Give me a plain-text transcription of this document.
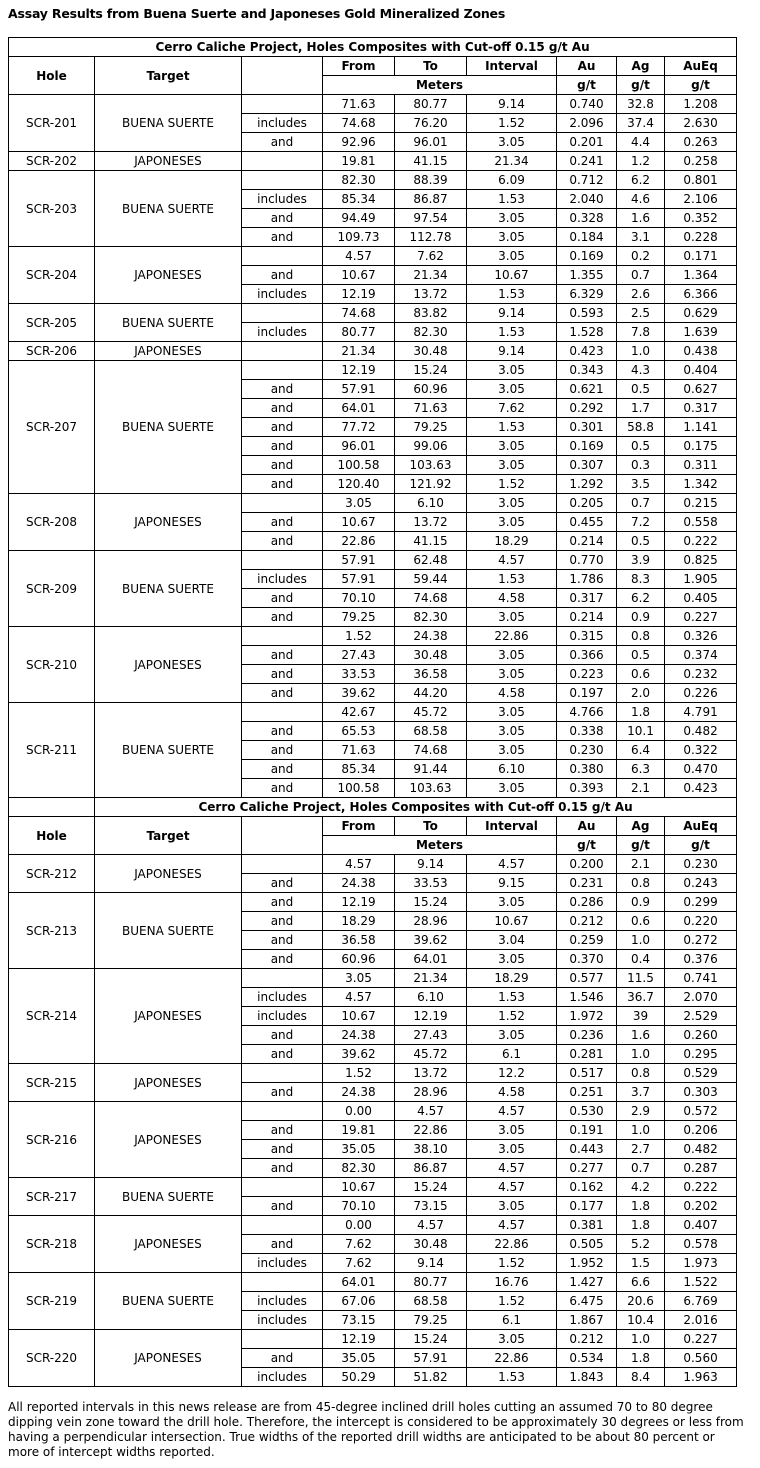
Assay Results from Buena Suerte and Japoneses Gold Mineralized Zones
Cerro Caliche Project, Holes Composites with Cut-off 0.15 g/t Au								
Hole	Target		From	To	Interval	Au	Ag	AuEq
			Meters			g/t	g/t	g/t
SCR-201	BUENA SUERTE		71.63	80.77	9.14	0.740	32.8	1.208
		includes	74.68	76.20	1.52	2.096	37.4	2.630
		and	92.96	96.01	3.05	0.201	4.4	0.263
SCR-202	JAPONESES		19.81	41.15	21.34	0.241	1.2	0.258
SCR-203	BUENA SUERTE		82.30	88.39	6.09	0.712	6.2	0.801
		includes	85.34	86.87	1.53	2.040	4.6	2.106
		and	94.49	97.54	3.05	0.328	1.6	0.352
		and	109.73	112.78	3.05	0.184	3.1	0.228
SCR-204	JAPONESES		4.57	7.62	3.05	0.169	0.2	0.171
		and	10.67	21.34	10.67	1.355	0.7	1.364
		includes	12.19	13.72	1.53	6.329	2.6	6.366
SCR-205	BUENA SUERTE		74.68	83.82	9.14	0.593	2.5	0.629
		includes	80.77	82.30	1.53	1.528	7.8	1.639
SCR-206	JAPONESES		21.34	30.48	9.14	0.423	1.0	0.438
SCR-207	BUENA SUERTE		12.19	15.24	3.05	0.343	4.3	0.404
		and	57.91	60.96	3.05	0.621	0.5	0.627
		and	64.01	71.63	7.62	0.292	1.7	0.317
		and	77.72	79.25	1.53	0.301	58.8	1.141
		and	96.01	99.06	3.05	0.169	0.5	0.175
		and	100.58	103.63	3.05	0.307	0.3	0.311
		and	120.40	121.92	1.52	1.292	3.5	1.342
SCR-208	JAPONESES		3.05	6.10	3.05	0.205	0.7	0.215
		and	10.67	13.72	3.05	0.455	7.2	0.558
		and	22.86	41.15	18.29	0.214	0.5	0.222
SCR-209	BUENA SUERTE		57.91	62.48	4.57	0.770	3.9	0.825
		includes	57.91	59.44	1.53	1.786	8.3	1.905
		and	70.10	74.68	4.58	0.317	6.2	0.405
		and	79.25	82.30	3.05	0.214	0.9	0.227
SCR-210	JAPONESES		1.52	24.38	22.86	0.315	0.8	0.326
		and	27.43	30.48	3.05	0.366	0.5	0.374
		and	33.53	36.58	3.05	0.223	0.6	0.232
		and	39.62	44.20	4.58	0.197	2.0	0.226
SCR-211	BUENA SUERTE		42.67	45.72	3.05	4.766	1.8	4.791
		and	65.53	68.58	3.05	0.338	10.1	0.482
		and	71.63	74.68	3.05	0.230	6.4	0.322
		and	85.34	91.44	6.10	0.380	6.3	0.470
		and	100.58	103.63	3.05	0.393	2.1	0.423
	Cerro Caliche Project, Holes Composites with Cut-off 0.15 g/t Au							
Hole	Target		From	To	Interval	Au	Ag	AuEq
			Meters			g/t	g/t	g/t
SCR-212	JAPONESES		4.57	9.14	4.57	0.200	2.1	0.230
		and	24.38	33.53	9.15	0.231	0.8	0.243
SCR-213	BUENA SUERTE	and	12.19	15.24	3.05	0.286	0.9	0.299
		and	18.29	28.96	10.67	0.212	0.6	0.220
		and	36.58	39.62	3.04	0.259	1.0	0.272
		and	60.96	64.01	3.05	0.370	0.4	0.376
SCR-214	JAPONESES		3.05	21.34	18.29	0.577	11.5	0.741
		includes	4.57	6.10	1.53	1.546	36.7	2.070
		includes	10.67	12.19	1.52	1.972	39	2.529
		and	24.38	27.43	3.05	0.236	1.6	0.260
		and	39.62	45.72	6.1	0.281	1.0	0.295
SCR-215	JAPONESES		1.52	13.72	12.2	0.517	0.8	0.529
		and	24.38	28.96	4.58	0.251	3.7	0.303
SCR-216	JAPONESES		0.00	4.57	4.57	0.530	2.9	0.572
		and	19.81	22.86	3.05	0.191	1.0	0.206
		and	35.05	38.10	3.05	0.443	2.7	0.482
		and	82.30	86.87	4.57	0.277	0.7	0.287
SCR-217	BUENA SUERTE		10.67	15.24	4.57	0.162	4.2	0.222
		and	70.10	73.15	3.05	0.177	1.8	0.202
SCR-218	JAPONESES		0.00	4.57	4.57	0.381	1.8	0.407
		and	7.62	30.48	22.86	0.505	5.2	0.578
		includes	7.62	9.14	1.52	1.952	1.5	1.973
SCR-219	BUENA SUERTE		64.01	80.77	16.76	1.427	6.6	1.522
		includes	67.06	68.58	1.52	6.475	20.6	6.769
		includes	73.15	79.25	6.1	1.867	10.4	2.016
SCR-220	JAPONESES		12.19	15.24	3.05	0.212	1.0	0.227
		and	35.05	57.91	22.86	0.534	1.8	0.560
		includes	50.29	51.82	1.53	1.843	8.4	1.963
All reported intervals in this news release are from 45-degree inclined drill holes cutting an assumed 70 to 80 degree dipping vein zone toward the drill hole. Therefore, the intercept is considered to be approximately 30 degrees or less from having a perpendicular intersection. True widths of the reported drill widths are anticipated to be about 80 percent or more of intercept widths reported.
